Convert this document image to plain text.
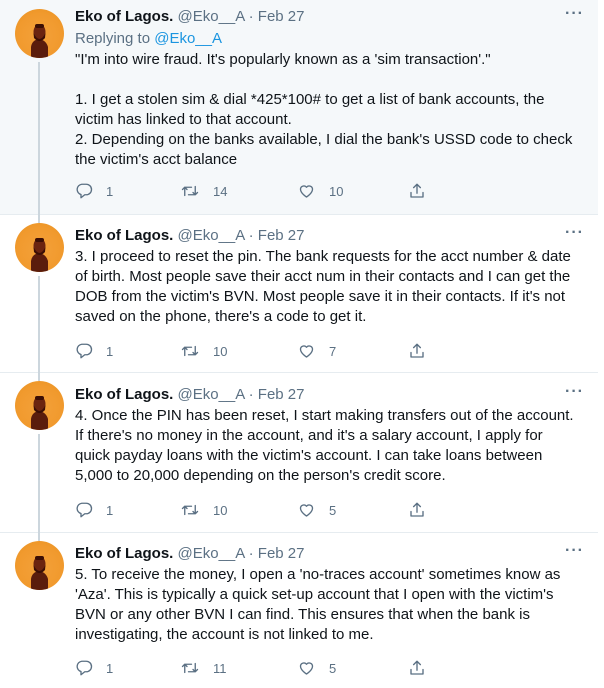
Eko of Lagos. @Eko__A · Feb 27	···
Replying to @Eko__A

"I'm into wire fraud. It's popularly known as a 'sim transaction'."

1. I get a stolen sim & dial *425*100# to get a list of bank accounts, the victim has linked to that account.

2. Depending on the banks available, I dial the bank's USSD code to check the victim's acct balance

1	14	10
Eko of Lagos. @Eko__A · Feb 27	···

3. I proceed to reset the pin. The bank requests for the acct number & date of birth. Most people save their acct num in their contacts and I can get the DOB from the victim's BVN. Most people save it in their contacts. If it's not saved on the phone, there's a code to get it.

1	10	7
Eko of Lagos. @Eko__A · Feb 27	···

4. Once the PIN has been reset, I start making transfers out of the account. If there's no money in the account, and it's a salary account, I apply for quick payday loans with the victim's account. I can take loans between 5,000 to 20,000 depending on the person's credit score.

1	10	5
Eko of Lagos. @Eko__A · Feb 27	···

5. To receive the money, I open a 'no-traces account' sometimes know as 'Aza'. This is typically a quick set-up account that I open with the victim's BVN or any other BVN I can find. This ensures that when the bank is investigating, the account is not linked to me.

1	11	5
